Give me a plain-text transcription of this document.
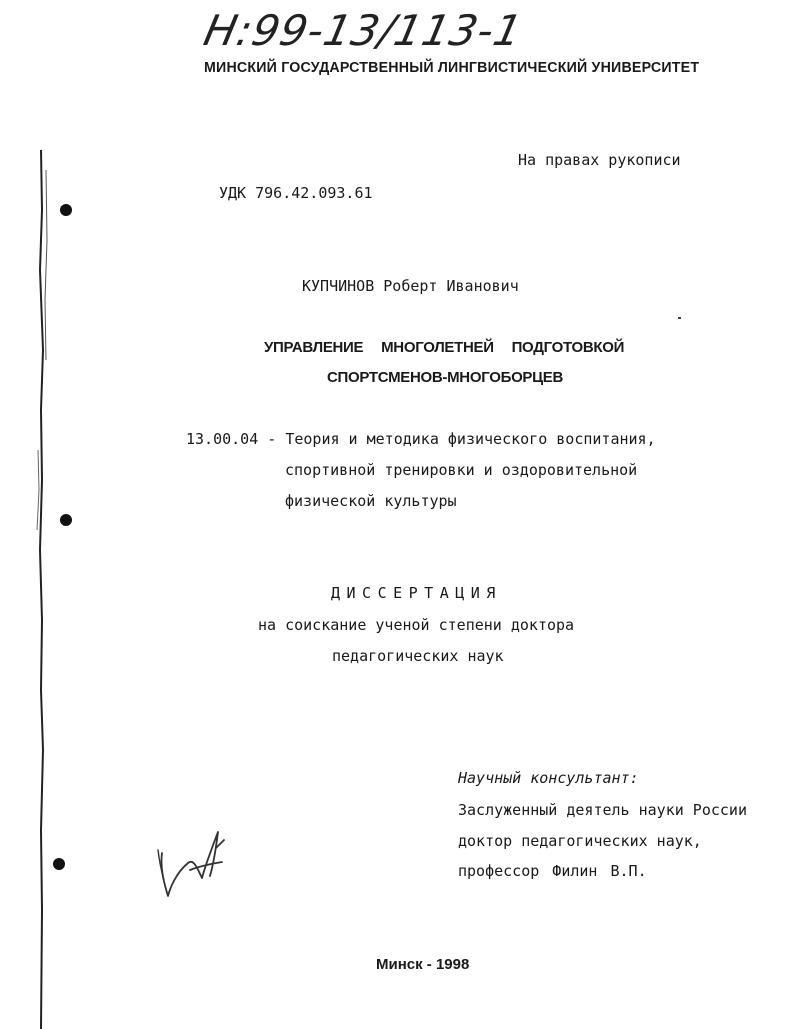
Н:99-13/113-1
МИНСКИЙ ГОСУДАРСТВЕННЫЙ ЛИНГВИСТИЧЕСКИЙ УНИВЕРСИТЕТ
На правах рукописи
УДК 796.42.093.61
КУПЧИНОВ Роберт Иванович
УПРАВЛЕНИЕ МНОГОЛЕТНЕЙ ПОДГОТОВКОЙ
СПОРТСМЕНОВ-МНОГОБОРЦЕВ
13.00.04 - Теория и методика физического воспитания,
спортивной тренировки и оздоровительной
физической культуры
ДИССЕРТАЦИЯ
на соискание ученой степени доктора
педагогических наук
Научный консультант:
Заслуженный деятель науки России
доктор педагогических наук,
профессор Филин В.П.
Минск - 1998
